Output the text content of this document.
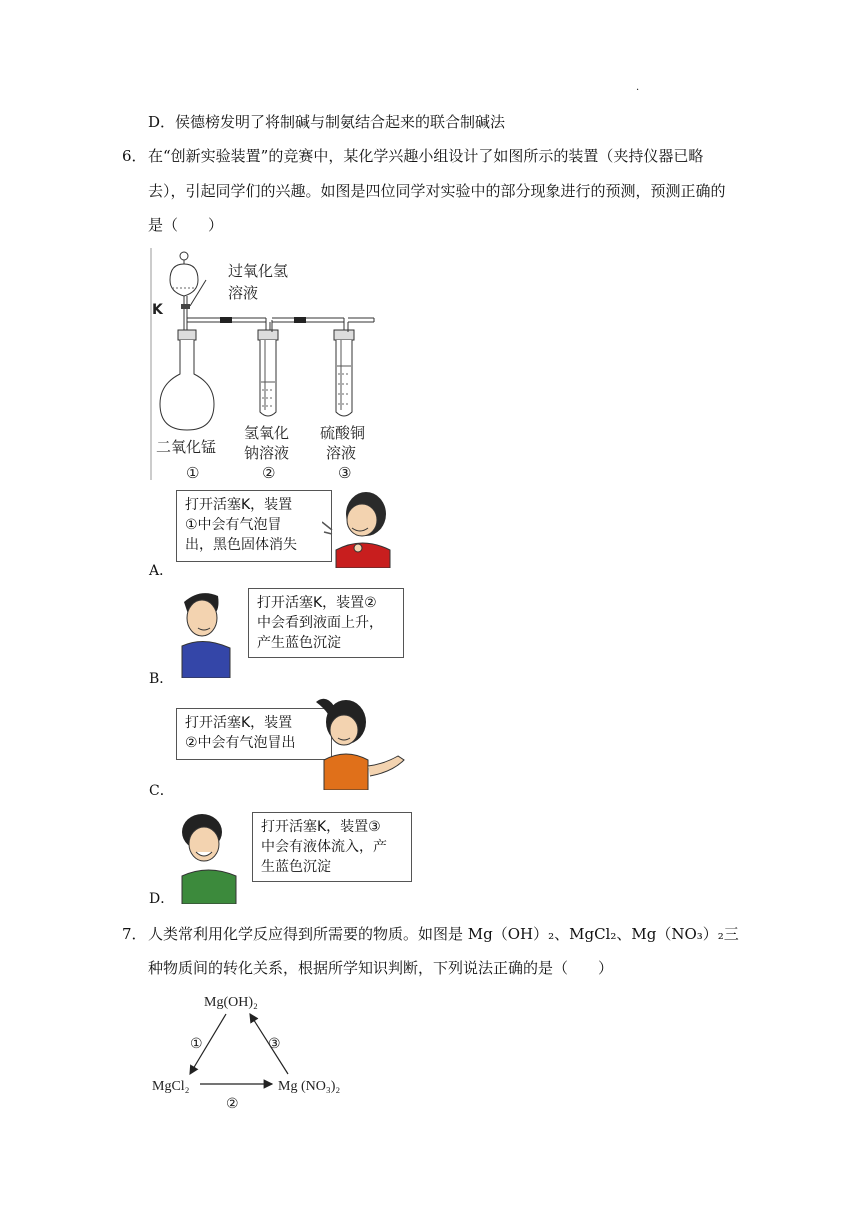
.
D．侯德榜发明了将制碱与制氨结合起来的联合制碱法
6． 在“创新实验装置”的竞赛中，某化学兴趣小组设计了如图所示的装置（夹持仪器已略
去），引起同学们的兴趣。如图是四位同学对实验中的部分现象进行的预测，预测正确的
是（　　）
过氧化氢
溶液
K
二氧化锰
氢氧化
钠溶液
硫酸铜
溶液
①	②	③
打开活塞K，装置
①中会有气泡冒
出，黑色固体消失
A．
打开活塞K，装置②
中会看到液面上升，
产生蓝色沉淀
B．
打开活塞K，装置
②中会有气泡冒出
C．
打开活塞K，装置③
中会有液体流入，产
生蓝色沉淀
D．
7． 人类常利用化学反应得到所需要的物质。如图是 Mg（OH）₂、MgCl₂、Mg（NO₃）₂三
种物质间的转化关系，根据所学知识判断，下列说法正确的是（　　）
Mg(OH)₂
MgCl₂	Mg (NO₃)₂
①
②
③
